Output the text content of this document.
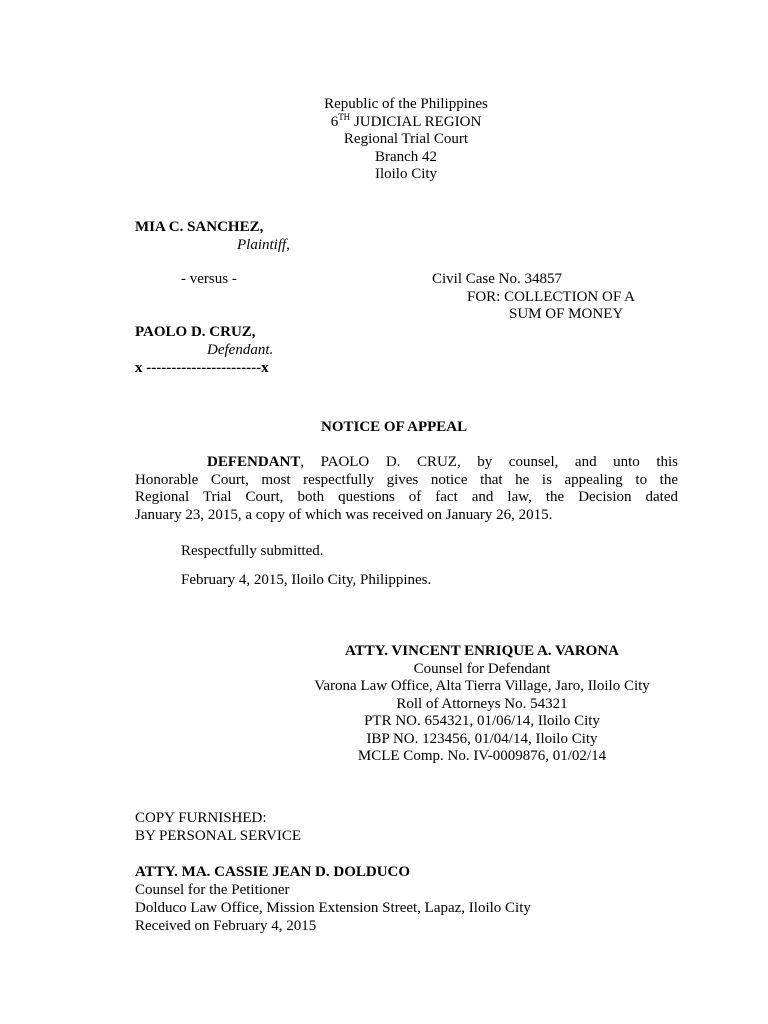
Republic of the Philippines
6TH JUDICIAL REGION
Regional Trial Court
Branch 42
Iloilo City
MIA C. SANCHEZ,
Plaintiff,
- versus -	Civil Case No. 34857
FOR: COLLECTION OF A
SUM OF MONEY
PAOLO D. CRUZ,
Defendant.
x -----------------------x
NOTICE OF APPEAL
DEFENDANT, PAOLO D. CRUZ, by counsel, and unto this
Honorable Court, most respectfully gives notice that he is appealing to the
Regional Trial Court, both questions of fact and law, the Decision dated
January 23, 2015, a copy of which was received on January 26, 2015.
Respectfully submitted.
February 4, 2015, Iloilo City, Philippines.
ATTY. VINCENT ENRIQUE A. VARONA
Counsel for Defendant
Varona Law Office, Alta Tierra Village, Jaro, Iloilo City
Roll of Attorneys No. 54321
PTR NO. 654321, 01/06/14, Iloilo City
IBP NO. 123456, 01/04/14, Iloilo City
MCLE Comp. No. IV-0009876, 01/02/14
COPY FURNISHED:
BY PERSONAL SERVICE
ATTY. MA. CASSIE JEAN D. DOLDUCO
Counsel for the Petitioner
Dolduco Law Office, Mission Extension Street, Lapaz, Iloilo City
Received on February 4, 2015
